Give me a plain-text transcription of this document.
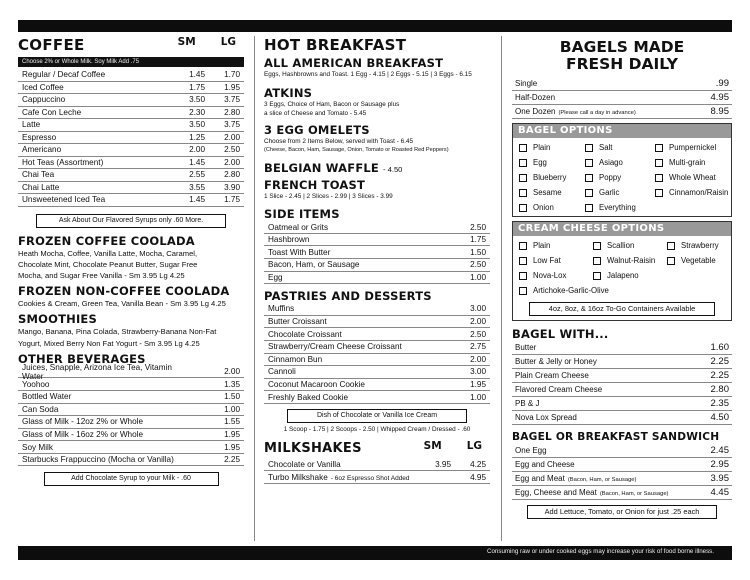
COFFEE	SM LG
Choose 2% or Whole Milk. Soy Milk Add .75
Regular / Decaf Coffee	1.45	1.70
Iced Coffee	1.75	1.95
Cappuccino	3.50	3.75
Cafe Con Leche	2.30	2.80
Latte	3.50	3.75
Espresso	1.25	2.00
Americano	2.00	2.50
Hot Teas (Assortment)	1.45	2.00
Chai Tea	2.55	2.80
Chai Latte	3.55	3.90
Unsweetened Iced Tea	1.45	1.75
Ask About Our Flavored Syrups only .60 More.
FROZEN COFFEE COOLADA
Heath Mocha, Coffee, Vanilla Latte, Mocha, Caramel,
Chocolate Mint, Chocolate Peanut Butter, Sugar Free
Mocha, and Sugar Free Vanilla - Sm 3.95 Lg 4.25
FROZEN NON-COFFEE COOLADA
Cookies & Cream, Green Tea, Vanilla Bean - Sm 3.95 Lg 4.25
SMOOTHIES
Mango, Banana, Pina Colada, Strawberry-Banana Non-Fat
Yogurt, Mixed Berry Non Fat Yogurt - Sm 3.95 Lg 4.25
OTHER BEVERAGES
Juices, Snapple, Arizona Ice Tea, Vitamin Water	2.00
Yoohoo	1.35
Bottled Water	1.50
Can Soda	1.00
Glass of Milk - 12oz 2% or Whole	1.55
Glass of Milk - 16oz 2% or Whole	1.95
Soy Milk	1.95
Starbucks Frappuccino (Mocha or Vanilla)	2.25
Add Chocolate Syrup to your Milk - .60
HOT BREAKFAST
ALL AMERICAN BREAKFAST
Eggs, Hashbrowns and Toast. 1 Egg - 4.15 | 2 Eggs - 5.15 | 3 Eggs - 6.15
ATKINS
3 Eggs, Choice of Ham, Bacon or Sausage plus
a slice of Cheese and Tomato - 5.45
3 EGG OMELETS
Choose from 2 Items Below, served with Toast - 6.45
(Cheese, Bacon, Ham, Sausage, Onion, Tomato or Roasted Red Peppers)
BELGIAN WAFFLE - 4.50
FRENCH TOAST
1 Slice - 2.45 | 2 Slices - 2.99 | 3 Slices - 3.99
SIDE ITEMS
Oatmeal or Grits	2.50
Hashbrown	1.75
Toast With Butter	1.50
Bacon, Ham, or Sausage	2.50
Egg	1.00
PASTRIES AND DESSERTS
Muffins	3.00
Butter Croissant	2.00
Chocolate Croissant	2.50
Strawberry/Cream Cheese Croissant	2.75
Cinnamon Bun	2.00
Cannoli	3.00
Coconut Macaroon Cookie	1.95
Freshly Baked Cookie	1.00
Dish of Chocolate or Vanilla Ice Cream
1 Scoop - 1.75 | 2 Scoops - 2.50 | Whipped Cream / Dressed - .60
MILKSHAKES	SM LG
Chocolate or Vanilla	3.95	4.25
Turbo Milkshake - 6oz Espresso Shot Added	4.95
BAGELS MADE
FRESH DAILY
Single	.99
Half-Dozen	4.95
One Dozen (Please call a day in advance)	8.95
BAGEL OPTIONS
Plain	Salt	Pumpernickel
Egg	Asiago	Multi-grain
Blueberry	Poppy	Whole Wheat
Sesame	Garlic	Cinnamon/Raisin
Onion	Everything
CREAM CHEESE OPTIONS
Plain	Scallion	Strawberry
Low Fat	Walnut-Raisin	Vegetable
Nova-Lox	Jalapeno
Artichoke-Garlic-Olive
4oz, 8oz, & 16oz To-Go Containers Available
BAGEL WITH...
Butter	1.60
Butter & Jelly or Honey	2.25
Plain Cream Cheese	2.25
Flavored Cream Cheese	2.80
PB & J	2.35
Nova Lox Spread	4.50
BAGEL OR BREAKFAST SANDWICH
One Egg	2.45
Egg and Cheese	2.95
Egg and Meat (Bacon, Ham, or Sausage)	3.95
Egg, Cheese and Meat (Bacon, Ham, or Sausage)	4.45
Add Lettuce, Tomato, or Onion for just .25 each
Consuming raw or under cooked eggs may increase your risk of food borne illness.
